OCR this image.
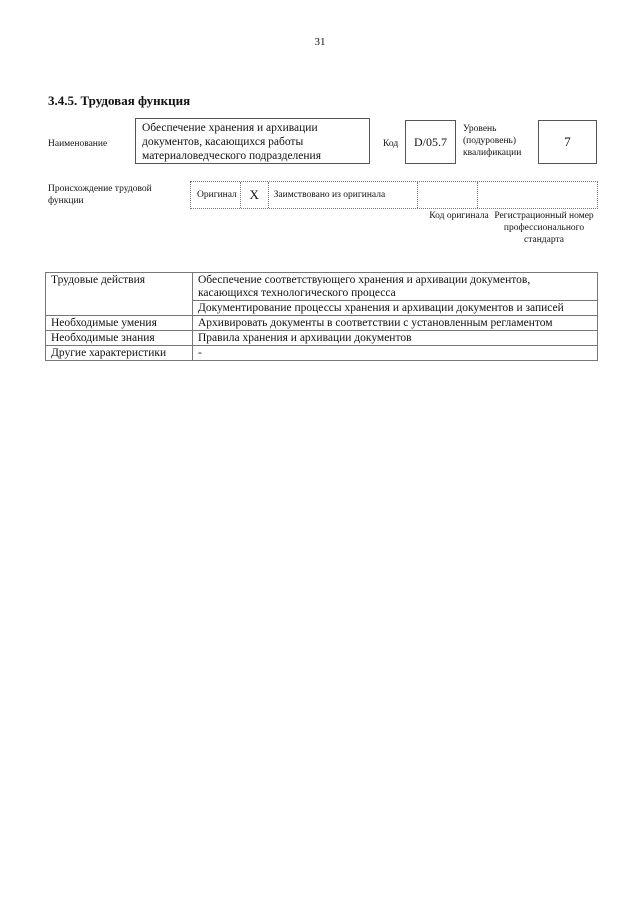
31
3.4.5. Трудовая функция
Наименование
Обеспечение хранения и архивации документов, касающихся работы материаловедческого подразделения
Код	D/05.7
Уровень (подуровень) квалификации
7
Происхождение трудовой функции
Оригинал X	Заимствовано из оригинала
Код оригинала Регистрационный номер профессионального стандарта
Трудовые действия	Обеспечение соответствующего хранения и архивации документов, касающихся технологического процесса
	Документирование процессы хранения и архивации документов и записей
Необходимые умения	Архивировать документы в соответствии с установленным регламентом
Необходимые знания	Правила хранения и архивации документов
Другие характеристики	-
